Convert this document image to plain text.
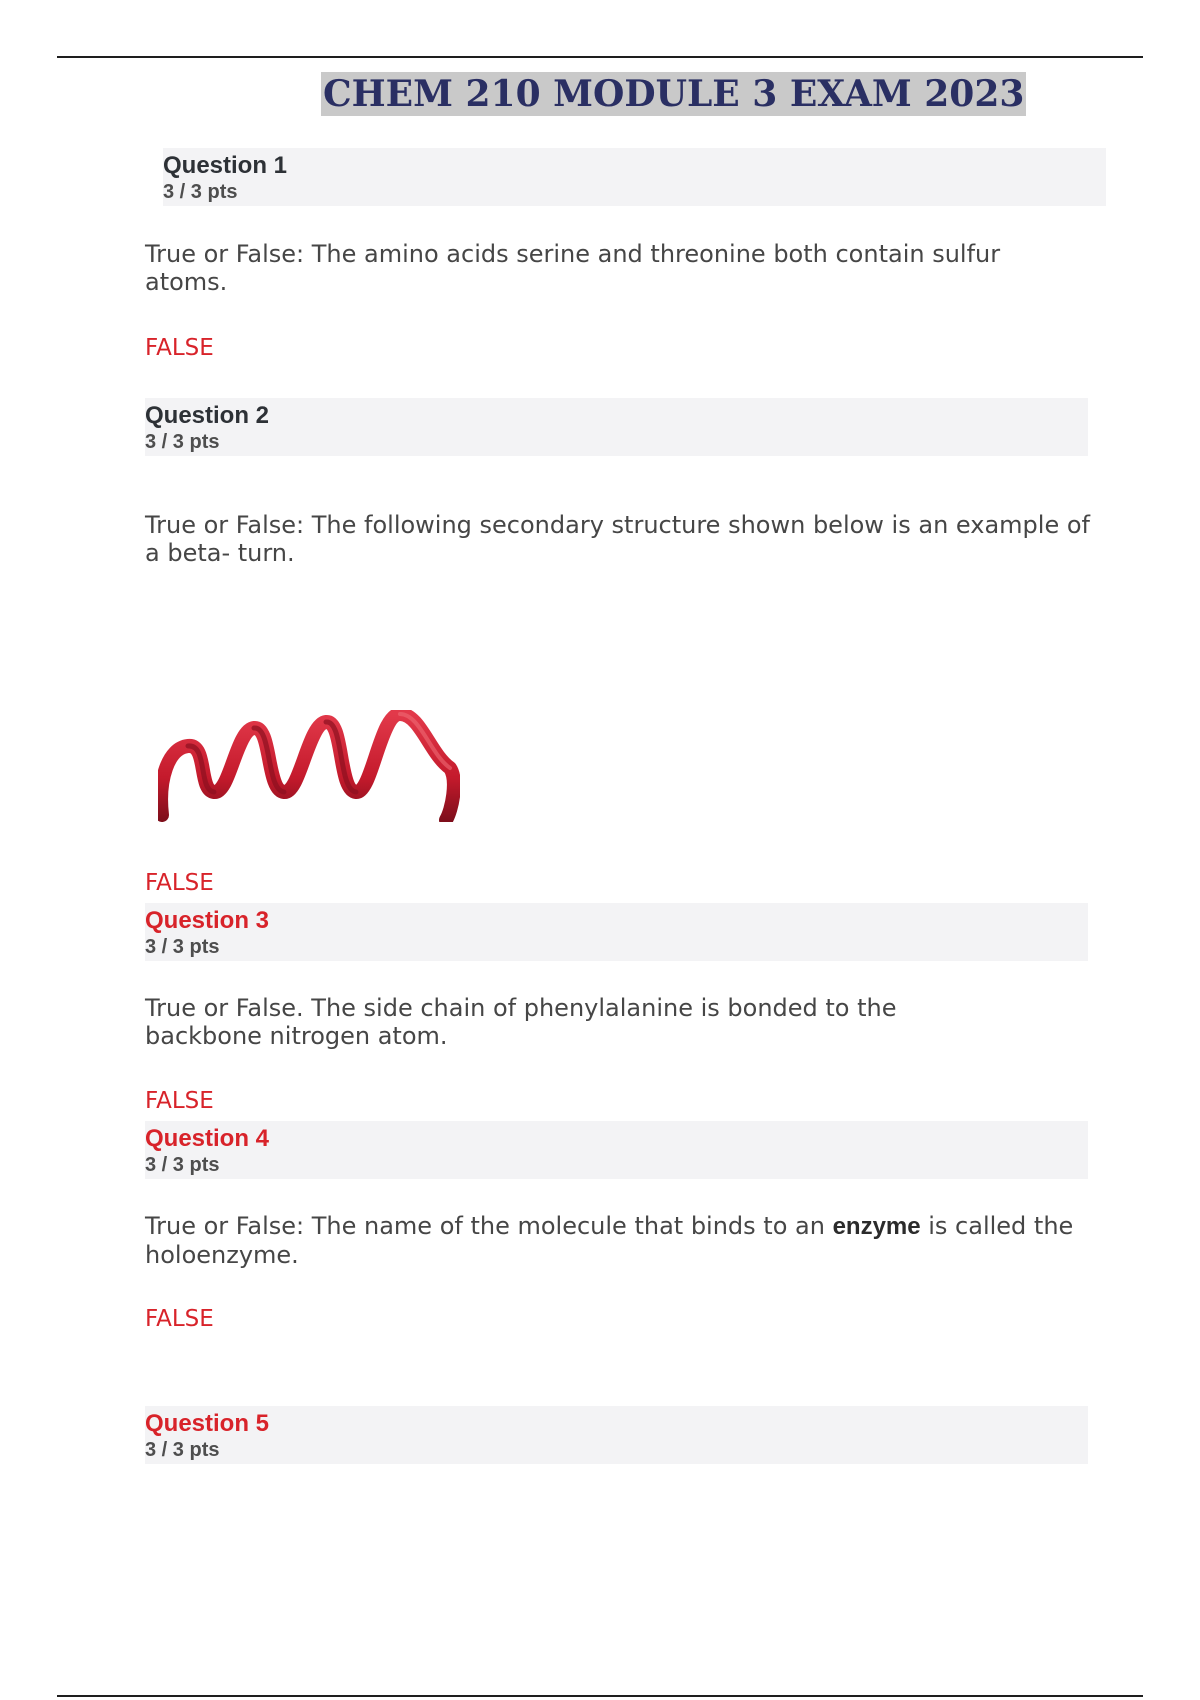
CHEM 210 MODULE 3 EXAM 2023
Question 1
3 / 3 pts

True or False: The amino acids serine and threonine both contain sulfur atoms.

FALSE

Question 2
3 / 3 pts

True or False: The following secondary structure shown below is an example of a beta- turn.

FALSE

Question 3
3 / 3 pts

True or False. The side chain of phenylalanine is bonded to the backbone nitrogen atom.

FALSE

Question 4
3 / 3 pts

True or False: The name of the molecule that binds to an enzyme is called the holoenzyme.

FALSE

Question 5
3 / 3 pts
